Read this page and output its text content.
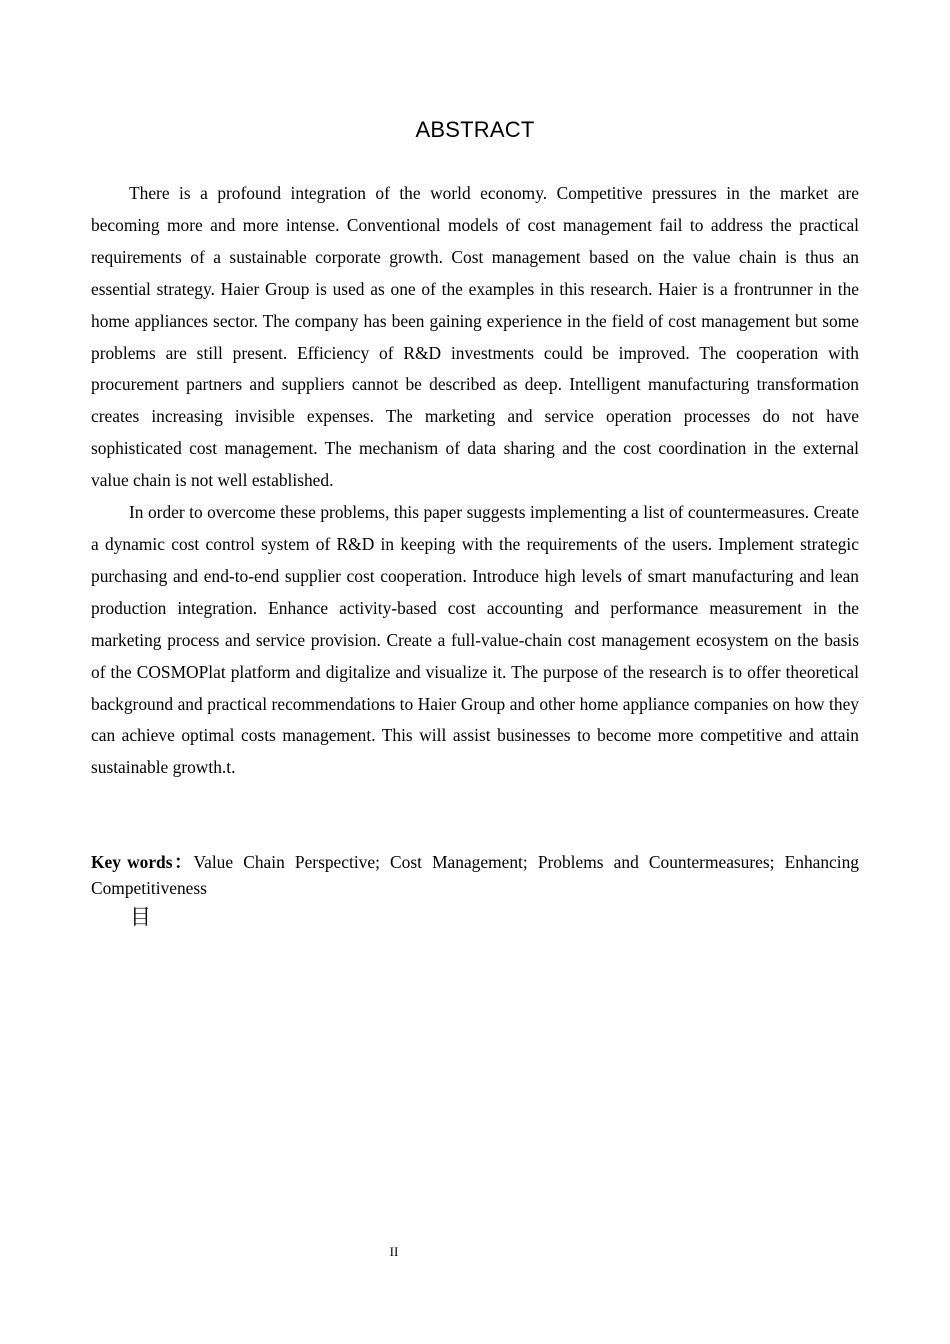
ABSTRACT

There is a profound integration of the world economy. Competitive pressures in the market are becoming more and more intense. Conventional models of cost management fail to address the practical requirements of a sustainable corporate growth. Cost management based on the value chain is thus an essential strategy. Haier Group is used as one of the examples in this research. Haier is a frontrunner in the home appliances sector. The company has been gaining experience in the field of cost management but some problems are still present. Efficiency of R&D investments could be improved. The cooperation with procurement partners and suppliers cannot be described as deep. Intelligent manufacturing transformation creates increasing invisible expenses. The marketing and service operation processes do not have sophisticated cost management. The mechanism of data sharing and the cost coordination in the external value chain is not well established.

In order to overcome these problems, this paper suggests implementing a list of countermeasures. Create a dynamic cost control system of R&D in keeping with the requirements of the users. Implement strategic purchasing and end-to-end supplier cost cooperation. Introduce high levels of smart manufacturing and lean production integration. Enhance activity-based cost accounting and performance measurement in the marketing process and service provision. Create a full-value-chain cost management ecosystem on the basis of the COSMOPlat platform and digitalize and visualize it. The purpose of the research is to offer theoretical background and practical recommendations to Haier Group and other home appliance companies on how they can achieve optimal costs management. This will assist businesses to become more competitive and attain sustainable growth.t.

Key words：Value Chain Perspective; Cost Management; Problems and Countermeasures; Enhancing Competitiveness
目
II
